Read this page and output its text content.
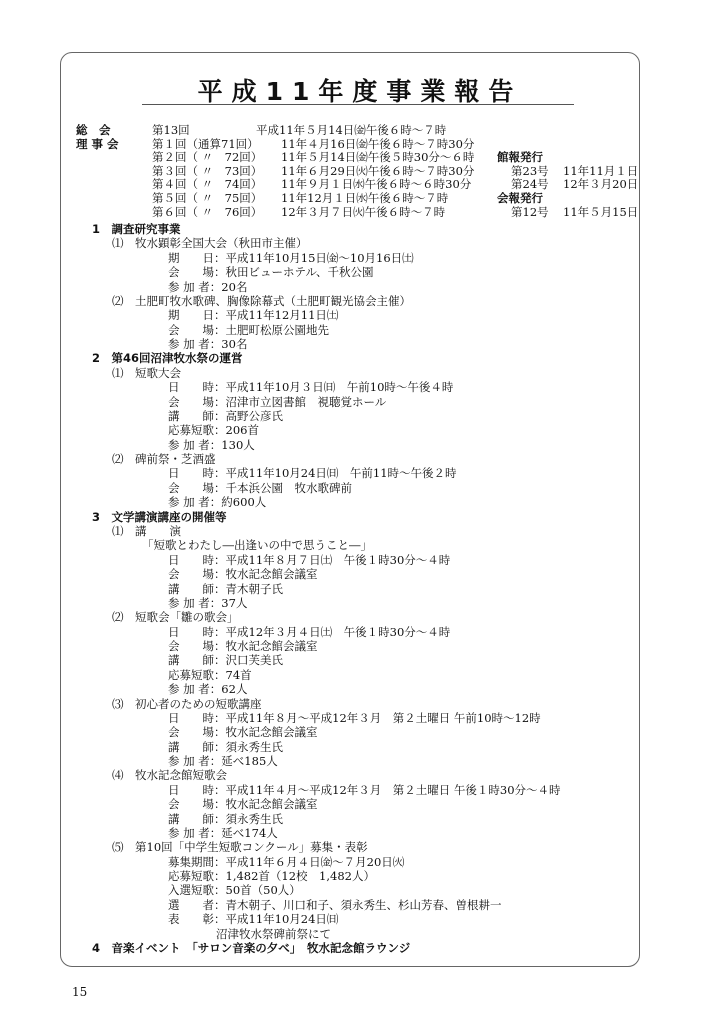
平成11年度事業報告
総　会	第13回	平成11年５月14日㈮午後６時～７時
理 事 会	第１回（通算71回） 11年４月16日㈮午後６時～７時30分
第２回（ 〃　72回） 11年５月14日㈮午後５時30分～６時
第３回（ 〃　73回） 11年６月29日㈫午後６時～７時30分
第４回（ 〃　74回） 11年９月１日㈬午後６時～６時30分
第５回（ 〃　75回） 11年12月１日㈬午後６時～７時
第６回（ 〃　76回） 12年３月７日㈫午後６時～７時
館報発行
第23号 11年11月１日
第24号 12年３月20日
会報発行
第12号 11年５月15日
1　調査研究事業
⑴　牧水顕彰全国大会（秋田市主催）
期　　日：平成11年10月15日㈮～10月16日㈯
会　　場：秋田ビューホテル、千秋公園
参 加 者：20名
⑵　土肥町牧水歌碑、胸像除幕式（土肥町観光協会主催）
期　　日：平成11年12月11日㈯
会　　場：土肥町松原公園地先
参 加 者：30名
2　第46回沼津牧水祭の運営
⑴　短歌大会
日　　時：平成11年10月３日㈰　午前10時～午後４時
会　　場：沼津市立図書館　視聴覚ホール
講　　師：高野公彦氏
応募短歌：206首
参 加 者：130人
⑵　碑前祭・芝酒盛
日　　時：平成11年10月24日㈰　午前11時～午後２時
会　　場：千本浜公園　牧水歌碑前
参 加 者：約600人
3　文学講演講座の開催等
⑴　講　　演
「短歌とわたし―出逢いの中で思うこと―」
日　　時：平成11年８月７日㈯　午後１時30分～４時
会　　場：牧水記念館会議室
講　　師：青木朝子氏
参 加 者：37人
⑵　短歌会「雛の歌会」
日　　時：平成12年３月４日㈯　午後１時30分～４時
会　　場：牧水記念館会議室
講　　師：沢口芙美氏
応募短歌：74首
参 加 者：62人
⑶　初心者のための短歌講座
日　　時：平成11年８月～平成12年３月　第２土曜日 午前10時～12時
会　　場：牧水記念館会議室
講　　師：須永秀生氏
参 加 者：延べ185人
⑷　牧水記念館短歌会
日　　時：平成11年４月～平成12年３月　第２土曜日 午後１時30分～４時
会　　場：牧水記念館会議室
講　　師：須永秀生氏
参 加 者：延べ174人
⑸　第10回「中学生短歌コンクール」募集・表彰
募集期間：平成11年６月４日㈮～７月20日㈫
応募短歌：1,482首（12校　1,482人）
入選短歌：50首（50人）
選　　者：青木朝子、川口和子、須永秀生、杉山芳春、曽根耕一
表　　彰：平成11年10月24日㈰
沼津牧水祭碑前祭にて
4　音楽イベント　「サロン音楽の夕べ」　牧水記念館ラウンジ
15
